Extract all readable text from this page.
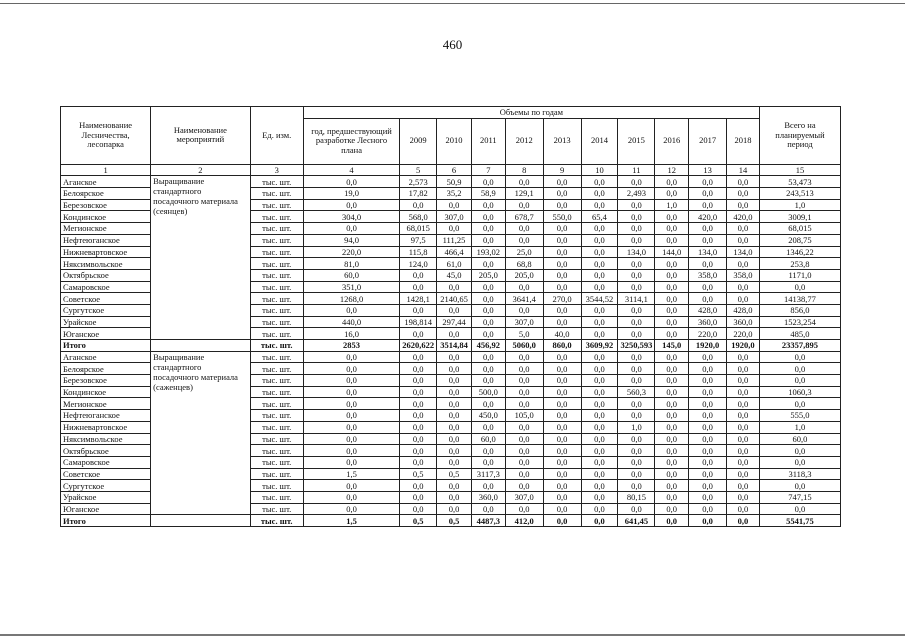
460
Наименование Лесничества, лесопарка	Наименование мероприятий	Ед. изм.	Объемы по годам											Всего на планируемый период
			год, предшествующий разработке Лесного плана	2009	2010	2011	2012	2013	2014	2015	2016	2017	2018	
1	2	3	4	5	6	7	8	9	10	11	12	13	14	15
Аганское	Выращивание стандартного посадочного материала (сеянцев)	тыс. шт.	0,0	2,573	50,9	0,0	0,0	0,0	0,0	0,0	0,0	0,0	0,0	53,473
Белоярское		тыс. шт.	19,0	17,82	35,2	58,9	129,1	0,0	0,0	2,493	0,0	0,0	0,0	243,513
Березовское		тыс. шт.	0,0	0,0	0,0	0,0	0,0	0,0	0,0	0,0	1,0	0,0	0,0	1,0
Кондинское		тыс. шт.	304,0	568,0	307,0	0,0	678,7	550,0	65,4	0,0	0,0	420,0	420,0	3009,1
Мегионское		тыс. шт.	0,0	68,015	0,0	0,0	0,0	0,0	0,0	0,0	0,0	0,0	0,0	68,015
Нефтеюганское		тыс. шт.	94,0	97,5	111,25	0,0	0,0	0,0	0,0	0,0	0,0	0,0	0,0	208,75
Нижневартовское		тыс. шт.	220,0	115,8	466,4	193,02	25,0	0,0	0,0	134,0	144,0	134,0	134,0	1346,22
Няксимвольское		тыс. шт.	81,0	124,0	61,0	0,0	68,8	0,0	0,0	0,0	0,0	0,0	0,0	253,8
Октябрьское		тыс. шт.	60,0	0,0	45,0	205,0	205,0	0,0	0,0	0,0	0,0	358,0	358,0	1171,0
Самаровское		тыс. шт.	351,0	0,0	0,0	0,0	0,0	0,0	0,0	0,0	0,0	0,0	0,0	0,0
Советское		тыс. шт.	1268,0	1428,1	2140,65	0,0	3641,4	270,0	3544,52	3114,1	0,0	0,0	0,0	14138,77
Сургутское		тыс. шт.	0,0	0,0	0,0	0,0	0,0	0,0	0,0	0,0	0,0	428,0	428,0	856,0
Урайское		тыс. шт.	440,0	198,814	297,44	0,0	307,0	0,0	0,0	0,0	0,0	360,0	360,0	1523,254
Юганское		тыс. шт.	16,0	0,0	0,0	0,0	5,0	40,0	0,0	0,0	0,0	220,0	220,0	485,0
Итого		тыс. шт.	2853	2620,622	3514,84	456,92	5060,0	860,0	3609,92	3250,593	145,0	1920,0	1920,0	23357,895
Аганское	Выращивание стандартного посадочного материала (саженцев)	тыс. шт.	0,0	0,0	0,0	0,0	0,0	0,0	0,0	0,0	0,0	0,0	0,0	0,0
Белоярское		тыс. шт.	0,0	0,0	0,0	0,0	0,0	0,0	0,0	0,0	0,0	0,0	0,0	0,0
Березовское		тыс. шт.	0,0	0,0	0,0	0,0	0,0	0,0	0,0	0,0	0,0	0,0	0,0	0,0
Кондинское		тыс. шт.	0,0	0,0	0,0	500,0	0,0	0,0	0,0	560,3	0,0	0,0	0,0	1060,3
Мегионское		тыс. шт.	0,0	0,0	0,0	0,0	0,0	0,0	0,0	0,0	0,0	0,0	0,0	0,0
Нефтеюганское		тыс. шт.	0,0	0,0	0,0	450,0	105,0	0,0	0,0	0,0	0,0	0,0	0,0	555,0
Нижневартовское		тыс. шт.	0,0	0,0	0,0	0,0	0,0	0,0	0,0	1,0	0,0	0,0	0,0	1,0
Няксимвольское		тыс. шт.	0,0	0,0	0,0	60,0	0,0	0,0	0,0	0,0	0,0	0,0	0,0	60,0
Октябрьское		тыс. шт.	0,0	0,0	0,0	0,0	0,0	0,0	0,0	0,0	0,0	0,0	0,0	0,0
Самаровское		тыс. шт.	0,0	0,0	0,0	0,0	0,0	0,0	0,0	0,0	0,0	0,0	0,0	0,0
Советское		тыс. шт.	1,5	0,5	0,5	3117,3	0,0	0,0	0,0	0,0	0,0	0,0	0,0	3118,3
Сургутское		тыс. шт.	0,0	0,0	0,0	0,0	0,0	0,0	0,0	0,0	0,0	0,0	0,0	0,0
Урайское		тыс. шт.	0,0	0,0	0,0	360,0	307,0	0,0	0,0	80,15	0,0	0,0	0,0	747,15
Юганское		тыс. шт.	0,0	0,0	0,0	0,0	0,0	0,0	0,0	0,0	0,0	0,0	0,0	0,0
Итого		тыс. шт.	1,5	0,5	0,5	4487,3	412,0	0,0	0,0	641,45	0,0	0,0	0,0	5541,75
